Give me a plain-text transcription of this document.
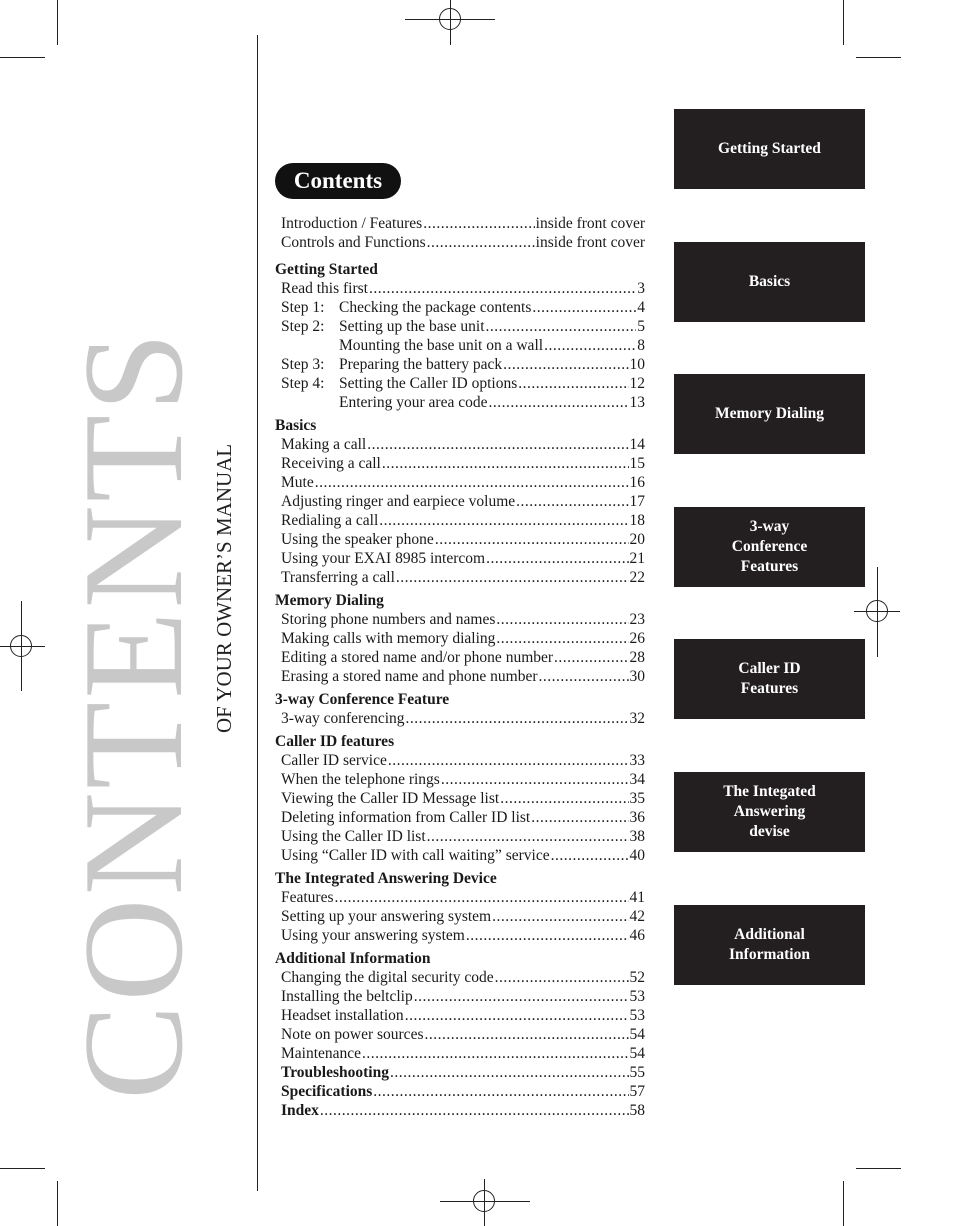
CONTENTS OF YOUR OWNER’S MANUAL
Contents
Introduction / Features .....	inside front cover
Controls and Functions .....	inside front cover
Getting Started
Read this first .....	3
Step 1: Checking the package contents .....	4
Step 2: Setting up the base unit .....	5
Mounting the base unit on a wall .....	8
Step 3: Preparing the battery pack .....	10
Step 4: Setting the Caller ID options .....	12
Entering your area code .....	13
Basics
Making a call .....	14
Receiving a call .....	15
Mute .....	16
Adjusting ringer and earpiece volume .....	17
Redialing a call .....	18
Using the speaker phone .....	20
Using your EXAI 8985 intercom .....	21
Transferring a call .....	22
Memory Dialing
Storing phone numbers and names .....	23
Making calls with memory dialing .....	26
Editing a stored name and/or phone number .....	28
Erasing a stored name and phone number .....	30
3-way Conference Feature
3-way conferencing .....	32
Caller ID features
Caller ID service .....	33
When the telephone rings .....	34
Viewing the Caller ID Message list .....	35
Deleting information from Caller ID list .....	36
Using the Caller ID list .....	38
Using “Caller ID with call waiting” service .....	40
The Integrated Answering Device
Features .....	41
Setting up your answering system .....	42
Using your answering system .....	46
Additional Information
Changing the digital security code .....	52
Installing the beltclip .....	53
Headset installation .....	53
Note on power sources .....	54
Maintenance .....	54
Troubleshooting .....	55
Specifications .....	57
Index .....	58
Getting Started
Basics
Memory Dialing
3-way
Conference
Features
Caller ID
Features
The Integated
Answering
devise
Additional
Information
